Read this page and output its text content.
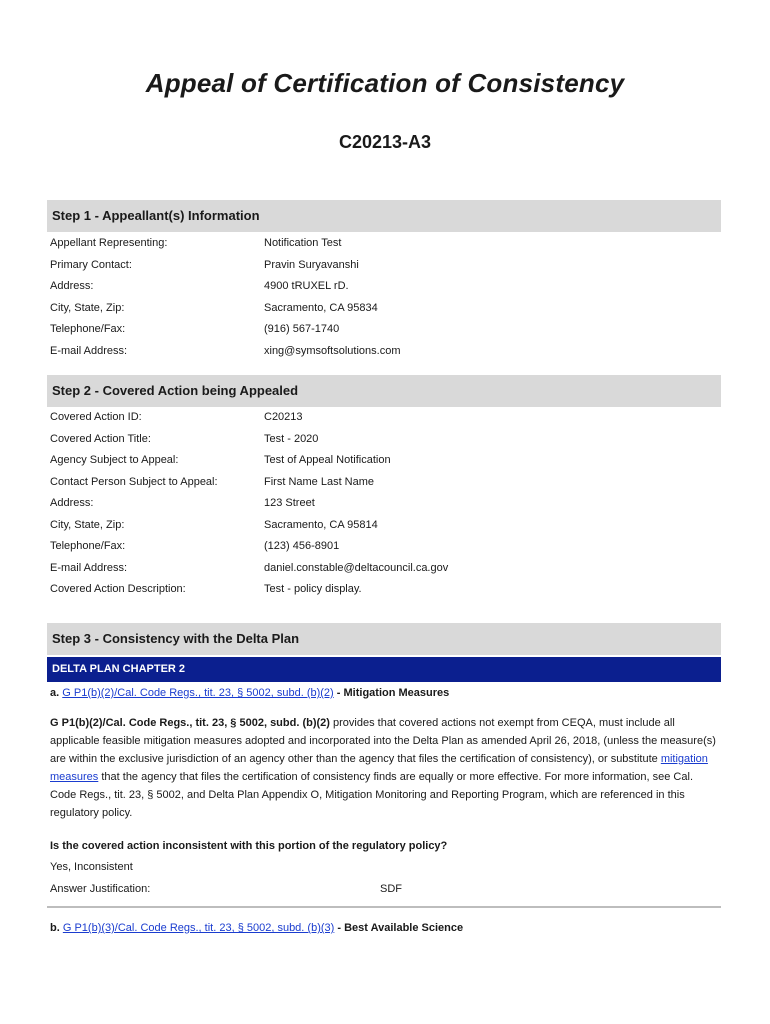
Appeal of Certification of Consistency
C20213-A3
Step 1 - Appeallant(s) Information
Appellant Representing:	Notification Test
Primary Contact:	Pravin Suryavanshi
Address:	4900 tRUXEL rD.
City, State, Zip:	Sacramento, CA 95834
Telephone/Fax:	(916) 567-1740
E-mail Address:	xing@symsoftsolutions.com
Step 2 - Covered Action being Appealed
Covered Action ID:	C20213
Covered Action Title:	Test - 2020
Agency Subject to Appeal:	Test of Appeal Notification
Contact Person Subject to Appeal:	First Name Last Name
Address:	123 Street
City, State, Zip:	Sacramento, CA 95814
Telephone/Fax:	(123) 456-8901
E-mail Address:	daniel.constable@deltacouncil.ca.gov
Covered Action Description:	Test - policy display.
Step 3 - Consistency with the Delta Plan
DELTA PLAN CHAPTER 2
a. G P1(b)(2)/Cal. Code Regs., tit. 23, § 5002, subd. (b)(2) - Mitigation Measures
G P1(b)(2)/Cal. Code Regs., tit. 23, § 5002, subd. (b)(2) provides that covered actions not exempt from CEQA, must include all applicable feasible mitigation measures adopted and incorporated into the Delta Plan as amended April 26, 2018, (unless the measure(s) are within the exclusive jurisdiction of an agency other than the agency that files the certification of consistency), or substitute mitigation measures that the agency that files the certification of consistency finds are equally or more effective. For more information, see Cal. Code Regs., tit. 23, § 5002, and Delta Plan Appendix O, Mitigation Monitoring and Reporting Program, which are referenced in this regulatory policy.
Is the covered action inconsistent with this portion of the regulatory policy?
Yes, Inconsistent
Answer Justification:	SDF
b. G P1(b)(3)/Cal. Code Regs., tit. 23, § 5002, subd. (b)(3) - Best Available Science
